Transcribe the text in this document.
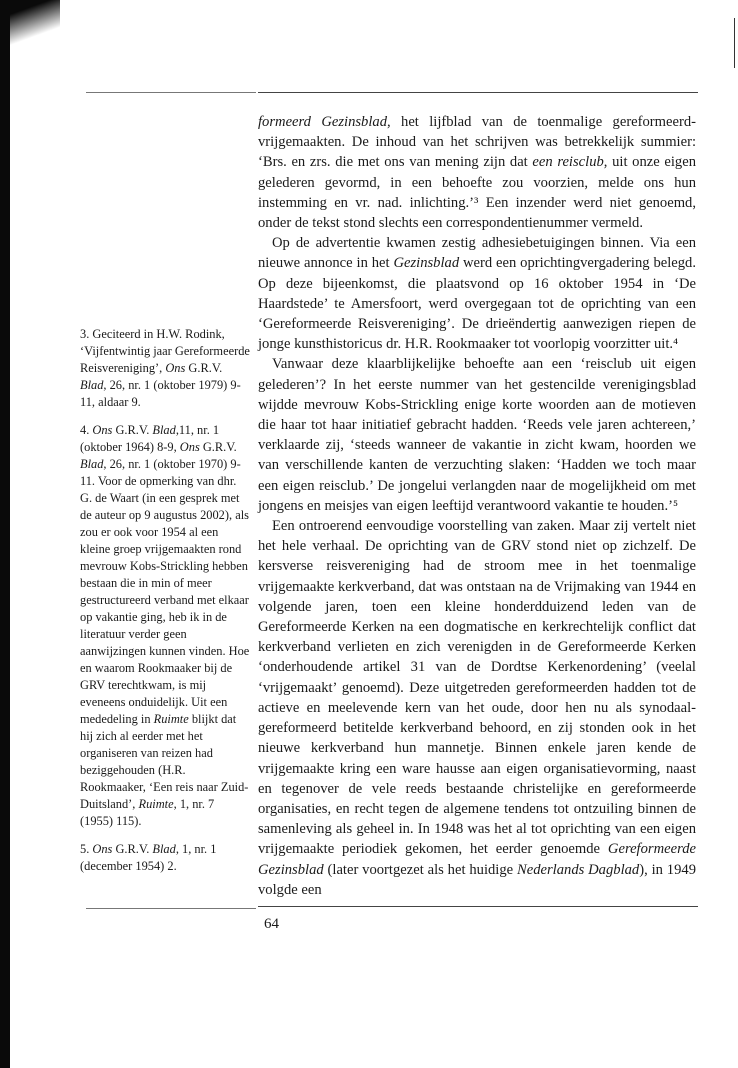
formeerd Gezinsblad, het lijfblad van de toenmalige gereformeerdvrijgemaakten. De inhoud van het schrijven was betrekkelijk summier: ‘Brs. en zrs. die met ons van mening zijn dat een reisclub, uit onze eigen gelederen gevormd, in een behoefte zou voorzien, melde ons hun instemming en vr. nad. inlichting.’³ Een inzender werd niet genoemd, onder de tekst stond slechts een correspondentienummer vermeld.

Op de advertentie kwamen zestig adhesiebetuigingen binnen. Via een nieuwe annonce in het Gezinsblad werd een oprichtingvergadering belegd. Op deze bijeenkomst, die plaatsvond op 16 oktober 1954 in ‘De Haardstede’ te Amersfoort, werd overgegaan tot de oprichting van een ‘Gereformeerde Reisvereniging’. De drieëndertig aanwezigen riepen de jonge kunsthistoricus dr. H.R. Rookmaaker tot voorlopig voorzitter uit.⁴

Vanwaar deze klaarblijkelijke behoefte aan een ‘reisclub uit eigen gelederen’? In het eerste nummer van het gestencilde verenigingsblad wijdde mevrouw Kobs-Strickling enige korte woorden aan de motieven die haar tot haar initiatief gebracht hadden. ‘Reeds vele jaren achtereen,’ verklaarde zij, ‘steeds wanneer de vakantie in zicht kwam, hoorden we van verschillende kanten de verzuchting slaken: ‘Hadden we toch maar een eigen reisclub.’ De jongelui verlangden naar de mogelijkheid om met jongens en meisjes van eigen leeftijd verantwoord vakantie te houden.’⁵

Een ontroerend eenvoudige voorstelling van zaken. Maar zij vertelt niet het hele verhaal. De oprichting van de GRV stond niet op zichzelf. De kersverse reisvereniging had de stroom mee in het toenmalige vrijgemaakte kerkverband, dat was ontstaan na de Vrijmaking van 1944 en volgende jaren, toen een kleine honderdduizend leden van de Gereformeerde Kerken na een dogmatische en kerkrechtelijk conflict dat kerkverband verlieten en zich verenigden in de Gereformeerde Kerken ‘onderhoudende artikel 31 van de Dordtse Kerkenordening’ (veelal ‘vrijgemaakt’ genoemd). Deze uitgetreden gereformeerden hadden tot de actieve en meelevende kern van het oude, door hen nu als synodaal-gereformeerd betitelde kerkverband behoord, en zij stonden ook in het nieuwe kerkverband hun mannetje. Binnen enkele jaren kende de vrijgemaakte kring een ware hausse aan eigen organisatievorming, naast en tegenover de vele reeds bestaande christelijke en gereformeerde organisaties, en recht tegen de algemene tendens tot ontzuiling binnen de samenleving als geheel in. In 1948 was het al tot oprichting van een eigen vrijgemaakte periodiek gekomen, het eerder genoemde Gereformeerde Gezinsblad (later voortgezet als het huidige Nederlands Dagblad), in 1949 volgde een

3. Geciteerd in H.W. Rodink, ‘Vijfentwintig jaar Gereformeerde Reisvereniging’, Ons G.R.V. Blad, 26, nr. 1 (oktober 1979) 9-11, aldaar 9.

4. Ons G.R.V. Blad,11, nr. 1 (oktober 1964) 8-9, Ons G.R.V. Blad, 26, nr. 1 (oktober 1970) 9-11. Voor de opmerking van dhr. G. de Waart (in een gesprek met de auteur op 9 augustus 2002), als zou er ook voor 1954 al een kleine groep vrijgemaakten rond mevrouw Kobs-Strickling hebben bestaan die in min of meer gestructureerd verband met elkaar op vakantie ging, heb ik in de literatuur verder geen aanwijzingen kunnen vinden. Hoe en waarom Rookmaaker bij de GRV terechtkwam, is mij eveneens onduidelijk. Uit een mededeling in Ruimte blijkt dat hij zich al eerder met het organiseren van reizen had beziggehouden (H.R. Rookmaaker, ‘Een reis naar Zuid-Duitsland’, Ruimte, 1, nr. 7 (1955) 115).

5. Ons G.R.V. Blad, 1, nr. 1 (december 1954) 2.

64
